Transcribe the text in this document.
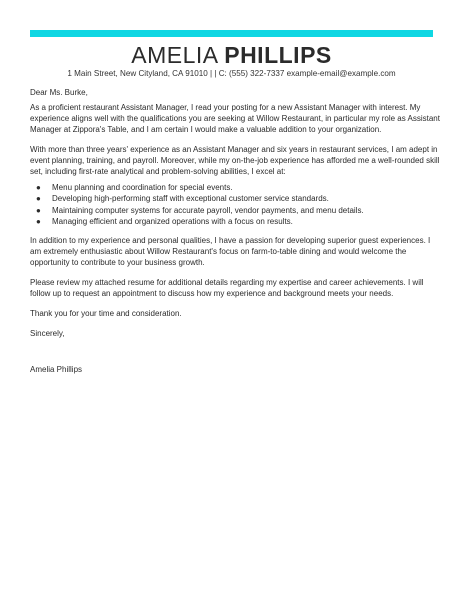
AMELIA PHILLIPS
1 Main Street, New Cityland, CA 91010 | | C: (555) 322-7337 example-email@example.com

Dear Ms. Burke,

As a proficient restaurant Assistant Manager, I read your posting for a new Assistant Manager with interest. My experience aligns well with the qualifications you are seeking at Willow Restaurant, in particular my role as Assistant Manager at Zippora's Table, and I am certain I would make a valuable addition to your organization.

With more than three years' experience as an Assistant Manager and six years in restaurant services, I am adept in event planning, training, and payroll. Moreover, while my on-the-job experience has afforded me a well-rounded skill set, including first-rate analytical and problem-solving abilities, I excel at:

● Menu planning and coordination for special events.
● Developing high-performing staff with exceptional customer service standards.
● Maintaining computer systems for accurate payroll, vendor payments, and menu details.
● Managing efficient and organized operations with a focus on results.

In addition to my experience and personal qualities, I have a passion for developing superior guest experiences. I am extremely enthusiastic about Willow Restaurant's focus on farm-to-table dining and would welcome the opportunity to contribute to your business growth.

Please review my attached resume for additional details regarding my expertise and career achievements. I will follow up to request an appointment to discuss how my experience and background meets your needs.

Thank you for your time and consideration.

Sincerely,

Amelia Phillips
